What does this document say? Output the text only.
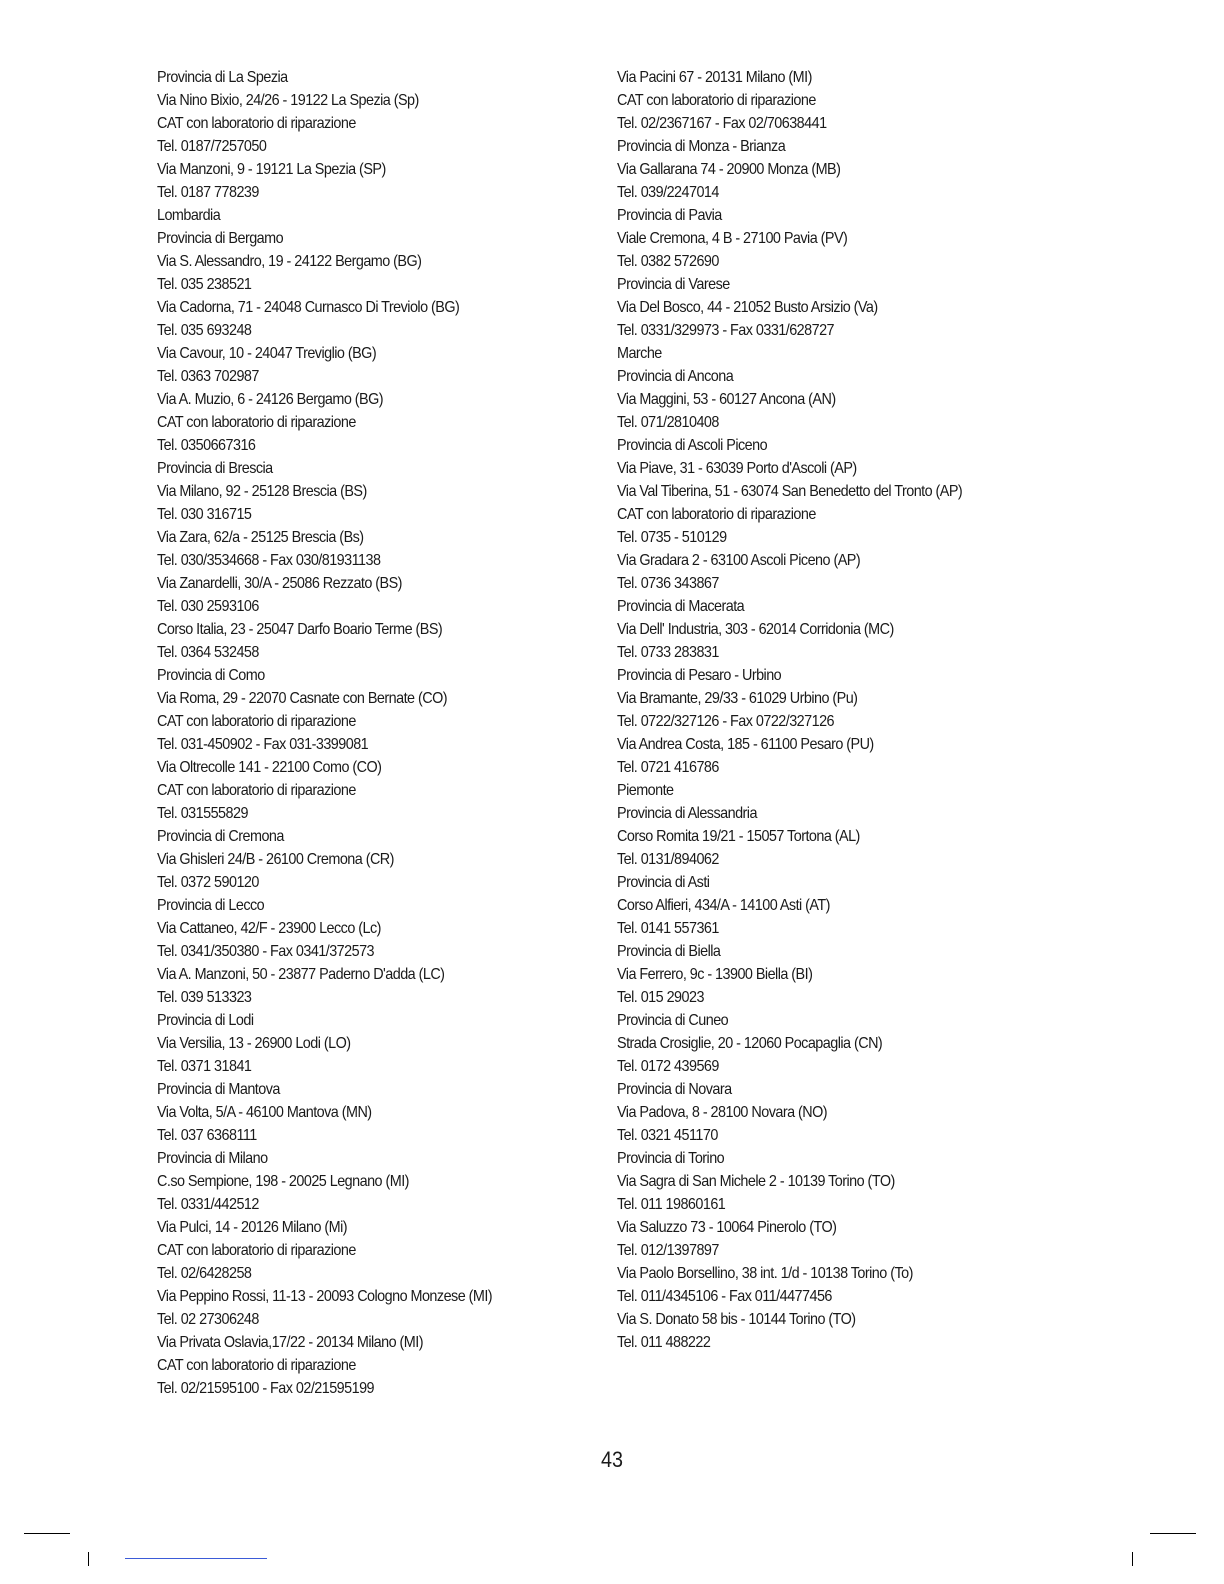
Provincia di La Spezia
Via Nino Bixio, 24/26 - 19122 La Spezia (Sp)
CAT con laboratorio di riparazione
Tel. 0187/7257050
Via Manzoni, 9 - 19121 La Spezia (SP)
Tel. 0187 778239
Lombardia
Provincia di Bergamo
Via S. Alessandro, 19 - 24122 Bergamo (BG)
Tel. 035 238521
Via Cadorna, 71 - 24048 Curnasco Di Treviolo (BG)
Tel. 035 693248
Via Cavour, 10 - 24047 Treviglio (BG)
Tel. 0363 702987
Via A. Muzio, 6 - 24126 Bergamo (BG)
CAT con laboratorio di riparazione
Tel. 0350667316
Provincia di Brescia
Via Milano, 92 - 25128 Brescia (BS)
Tel. 030 316715
Via Zara, 62/a - 25125 Brescia (Bs)
Tel. 030/3534668 - Fax 030/81931138
Via Zanardelli, 30/A - 25086 Rezzato (BS)
Tel. 030 2593106
Corso Italia, 23 - 25047 Darfo Boario Terme (BS)
Tel. 0364 532458
Provincia di Como
Via Roma, 29 - 22070 Casnate con Bernate (CO)
CAT con laboratorio di riparazione
Tel. 031-450902 - Fax 031-3399081
Via Oltrecolle 141 - 22100 Como (CO)
CAT con laboratorio di riparazione
Tel. 031555829
Provincia di Cremona
Via Ghisleri 24/B - 26100 Cremona (CR)
Tel. 0372 590120
Provincia di Lecco
Via Cattaneo, 42/F - 23900 Lecco (Lc)
Tel. 0341/350380 - Fax 0341/372573
Via A. Manzoni, 50 - 23877 Paderno D'adda (LC)
Tel. 039 513323
Provincia di Lodi
Via Versilia, 13 - 26900 Lodi (LO)
Tel. 0371 31841
Provincia di Mantova
Via Volta, 5/A - 46100 Mantova (MN)
Tel. 037 6368111
Provincia di Milano
C.so Sempione, 198 - 20025 Legnano (MI)
Tel. 0331/442512
Via Pulci, 14 - 20126 Milano (Mi)
CAT con laboratorio di riparazione
Tel. 02/6428258
Via Peppino Rossi, 11-13 - 20093 Cologno Monzese (MI)
Tel. 02 27306248
Via Privata Oslavia,17/22 - 20134 Milano (MI)
CAT con laboratorio di riparazione
Tel. 02/21595100 - Fax 02/21595199
Via Pacini 67 - 20131 Milano (MI)
CAT con laboratorio di riparazione
Tel. 02/2367167 - Fax 02/70638441
Provincia di Monza - Brianza
Via Gallarana 74 - 20900 Monza (MB)
Tel. 039/2247014
Provincia di Pavia
Viale Cremona, 4 B - 27100 Pavia (PV)
Tel. 0382 572690
Provincia di Varese
Via Del Bosco, 44 - 21052 Busto Arsizio (Va)
Tel. 0331/329973 - Fax 0331/628727
Marche
Provincia di Ancona
Via Maggini, 53 - 60127 Ancona (AN)
Tel. 071/2810408
Provincia di Ascoli Piceno
Via Piave, 31 - 63039 Porto d'Ascoli (AP)
Via Val Tiberina, 51 - 63074 San Benedetto del Tronto (AP)
CAT con laboratorio di riparazione
Tel. 0735 - 510129
Via Gradara 2 - 63100 Ascoli Piceno (AP)
Tel. 0736 343867
Provincia di Macerata
Via Dell' Industria, 303 - 62014 Corridonia (MC)
Tel. 0733 283831
Provincia di Pesaro - Urbino
Via Bramante, 29/33 - 61029 Urbino (Pu)
Tel. 0722/327126 - Fax 0722/327126
Via Andrea Costa, 185 - 61100 Pesaro (PU)
Tel. 0721 416786
Piemonte
Provincia di Alessandria
Corso Romita 19/21 - 15057 Tortona (AL)
Tel. 0131/894062
Provincia di Asti
Corso Alfieri, 434/A - 14100 Asti (AT)
Tel. 0141 557361
Provincia di Biella
Via Ferrero, 9c - 13900 Biella (BI)
Tel. 015 29023
Provincia di Cuneo
Strada Crosiglie, 20 - 12060 Pocapaglia (CN)
Tel. 0172 439569
Provincia di Novara
Via Padova, 8 - 28100 Novara (NO)
Tel. 0321 451170
Provincia di Torino
Via Sagra di San Michele 2 - 10139 Torino (TO)
Tel. 011 19860161
Via Saluzzo 73 - 10064 Pinerolo (TO)
Tel. 012/1397897
Via Paolo Borsellino, 38 int. 1/d - 10138 Torino (To)
Tel. 011/4345106 - Fax 011/4477456
Via S. Donato 58 bis - 10144 Torino (TO)
Tel. 011 488222
43
